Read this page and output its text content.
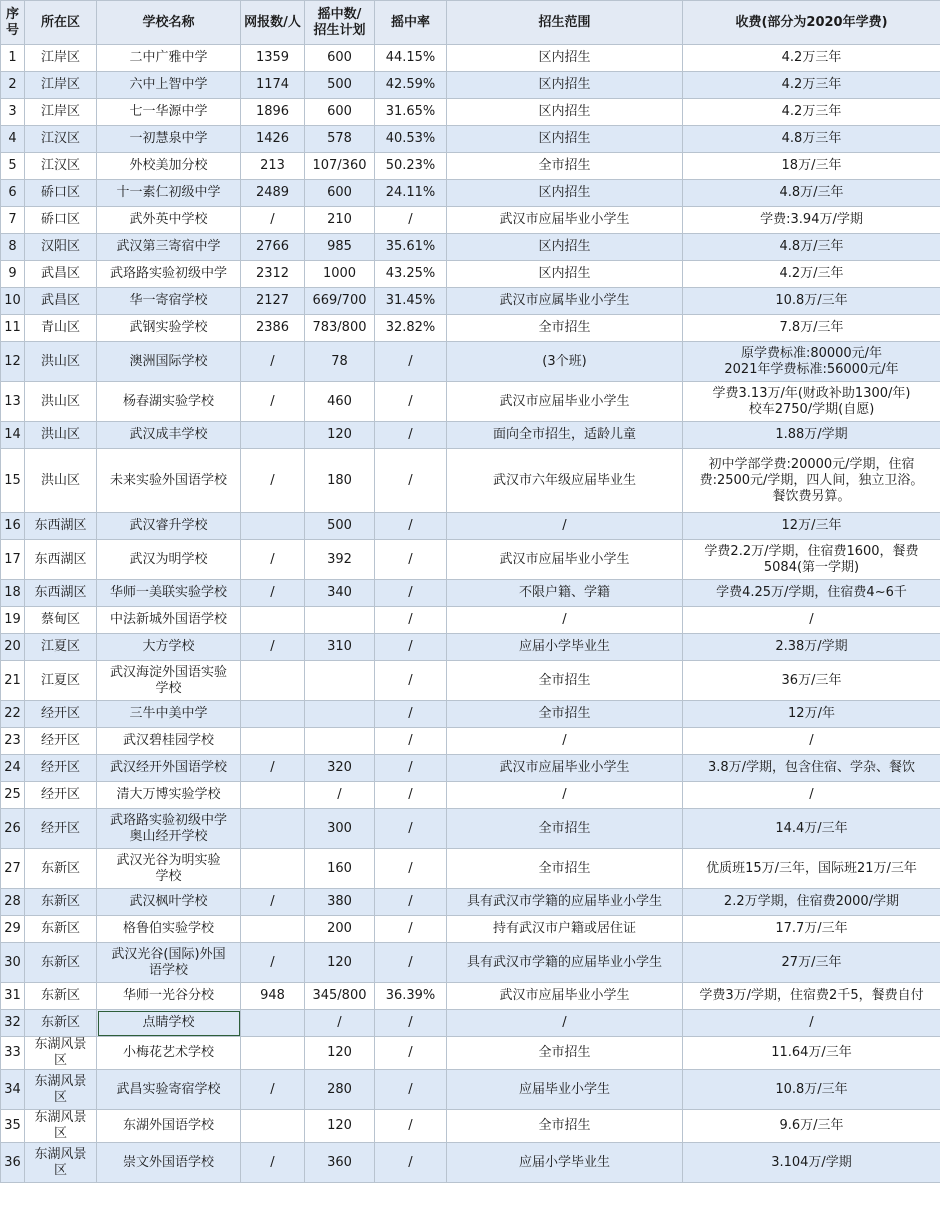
序号	所在区	学校名称	网报数/人	摇中数/
招生计划	摇中率	招生范围	收费(部分为2020年学费)
1	江岸区	二中广雅中学	1359	600	44.15%	区内招生	4.2万三年
2	江岸区	六中上智中学	1174	500	42.59%	区内招生	4.2万三年
3	江岸区	七一华源中学	1896	600	31.65%	区内招生	4.2万三年
4	江汉区	一初慧泉中学	1426	578	40.53%	区内招生	4.8万三年
5	江汉区	外校美加分校	213	107/360	50.23%	全市招生	18万/三年
6	硚口区	十一素仁初级中学	2489	600	24.11%	区内招生	4.8万/三年
7	硚口区	武外英中学校	/	210	/	武汉市应届毕业小学生	学费:3.94万/学期
8	汉阳区	武汉第三寄宿中学	2766	985	35.61%	区内招生	4.8万/三年
9	武昌区	武珞路实验初级中学	2312	1000	43.25%	区内招生	4.2万/三年
10	武昌区	华一寄宿学校	2127	669/700	31.45%	武汉市应属毕业小学生	10.8万/三年
11	青山区	武钢实验学校	2386	783/800	32.82%	全市招生	7.8万/三年
12	洪山区	澳洲国际学校	/	78	/	(3个班)	原学费标准:80000元/年
2021年学费标准:56000元/年
13	洪山区	杨春湖实验学校	/	460	/	武汉市应届毕业小学生	学费3.13万/年(财政补助1300/年)
校车2750/学期(自愿)
14	洪山区	武汉成丰学校		120	/	面向全市招生，适龄儿童	1.88万/学期
15	洪山区	未来实验外国语学校	/	180	/	武汉市六年级应届毕业生	初中学部学费:20000元/学期，住宿
费:2500元/学期，四人间，独立卫浴。
餐饮费另算。
16	东西湖区	武汉睿升学校		500	/	/	12万/三年
17	东西湖区	武汉为明学校	/	392	/	武汉市应届毕业小学生	学费2.2万/学期，住宿费1600，餐费
5084(第一学期)
18	东西湖区	华师一美联实验学校	/	340	/	不限户籍、学籍	学费4.25万/学期，住宿费4~6千
19	蔡甸区	中法新城外国语学校			/	/	/
20	江夏区	大方学校	/	310	/	应届小学毕业生	2.38万/学期
21	江夏区	武汉海淀外国语实验
学校			/	全市招生	36万/三年
22	经开区	三牛中美中学			/	全市招生	12万/年
23	经开区	武汉碧桂园学校			/	/	/
24	经开区	武汉经开外国语学校	/	320	/	武汉市应届毕业小学生	3.8万/学期，包含住宿、学杂、餐饮
25	经开区	清大万博实验学校		/	/	/	/
26	经开区	武珞路实验初级中学
奥山经开学校		300	/	全市招生	14.4万/三年
27	东新区	武汉光谷为明实验
学校		160	/	全市招生	优质班15万/三年，国际班21万/三年
28	东新区	武汉枫叶学校	/	380	/	具有武汉市学籍的应届毕业小学生	2.2万学期，住宿费2000/学期
29	东新区	格鲁伯实验学校		200	/	持有武汉市户籍或居住证	17.7万/三年
30	东新区	武汉光谷(国际)外国
语学校	/	120	/	具有武汉市学籍的应届毕业小学生	27万/三年
31	东新区	华师一光谷分校	948	345/800	36.39%	武汉市应届毕业小学生	学费3万/学期，住宿费2千5，餐费自付
32	东新区	点睛学校		/	/	/	/
33	东湖风景
区	小梅花艺术学校		120	/	全市招生	11.64万/三年
34	东湖风景
区	武昌实验寄宿学校	/	280	/	应届毕业小学生	10.8万/三年
35	东湖风景
区	东湖外国语学校		120	/	全市招生	9.6万/三年
36	东湖风景
区	崇文外国语学校	/	360	/	应届小学毕业生	3.104万/学期
